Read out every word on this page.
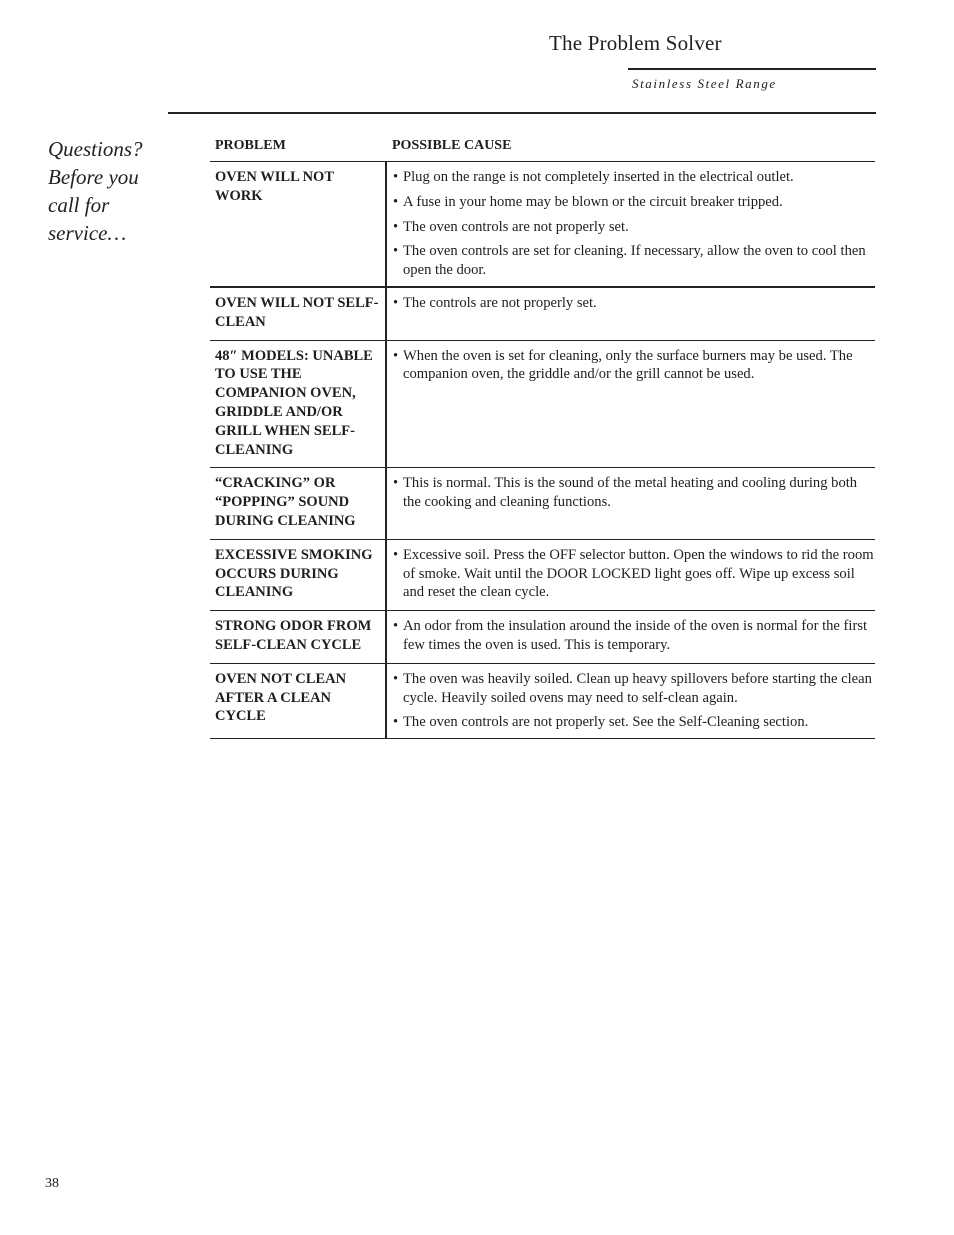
The Problem Solver
Stainless Steel Range
Questions?
Before you
call for
service…
PROBLEM	POSSIBLE CAUSE
OVEN WILL NOT WORK	• Plug on the range is not completely inserted in the electrical outlet.
• A fuse in your home may be blown or the circuit breaker tripped.
• The oven controls are not properly set.
• The oven controls are set for cleaning. If necessary, allow the oven to cool then open the door.

OVEN WILL NOT SELF-CLEAN	• The controls are not properly set.

48″ MODELS: UNABLE TO USE THE COMPANION OVEN, GRIDDLE AND/OR GRILL WHEN SELF-CLEANING	• When the oven is set for cleaning, only the surface burners may be used. The companion oven, the griddle and/or the grill cannot be used.

“CRACKING” OR “POPPING” SOUND DURING CLEANING	• This is normal. This is the sound of the metal heating and cooling during both the cooking and cleaning functions.

EXCESSIVE SMOKING OCCURS DURING CLEANING	• Excessive soil. Press the OFF selector button. Open the windows to rid the room of smoke. Wait until the DOOR LOCKED light goes off. Wipe up excess soil and reset the clean cycle.

STRONG ODOR FROM SELF-CLEAN CYCLE	• An odor from the insulation around the inside of the oven is normal for the first few times the oven is used. This is temporary.

OVEN NOT CLEAN AFTER A CLEAN CYCLE	• The oven was heavily soiled. Clean up heavy spillovers before starting the clean cycle. Heavily soiled ovens may need to self-clean again.
• The oven controls are not properly set. See the Self-Cleaning section.
38
